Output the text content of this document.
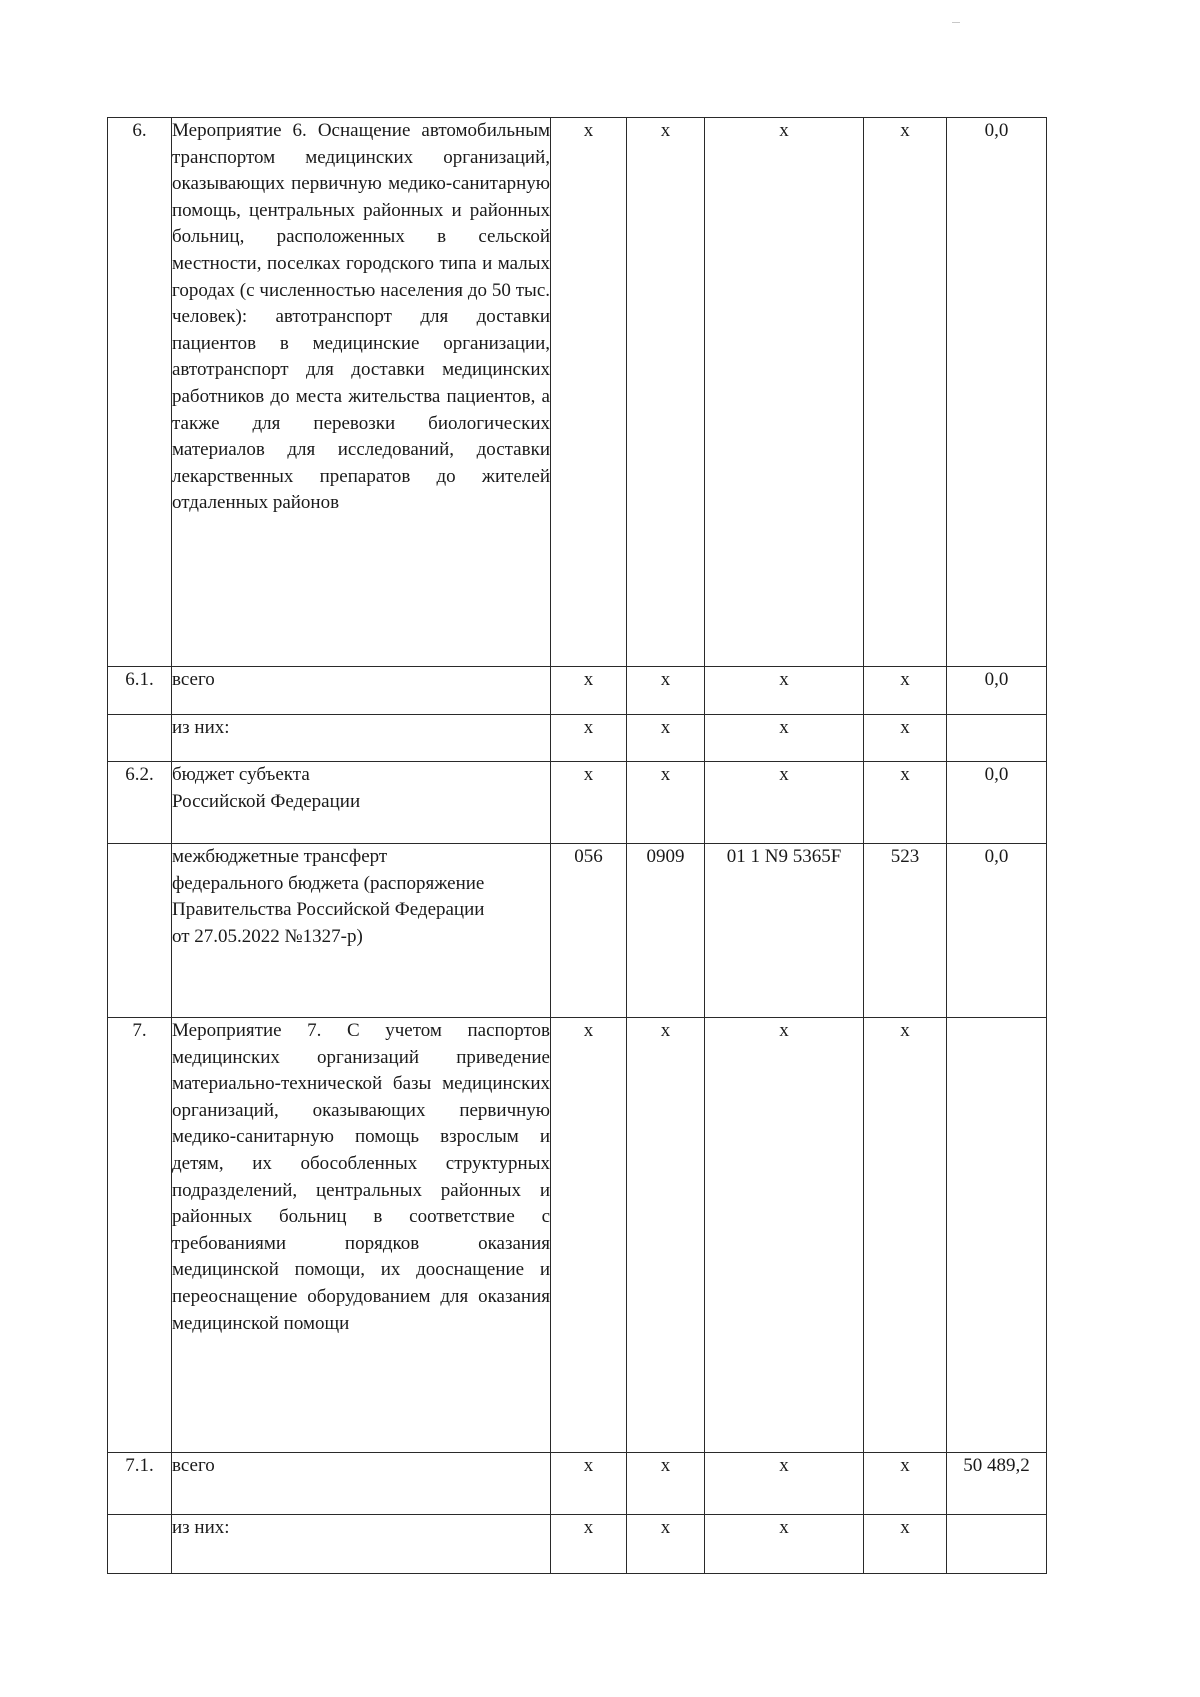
6.	Мероприятие 6. Оснащение автомобильным транспортом медицинских организаций, оказывающих первичную медико-санитарную помощь, центральных районных и районных больниц, расположенных в сельской местности, поселках городского типа и малых городах (с численностью населения до 50 тыс. человек): автотранспорт для доставки пациентов в медицинские организации, автотранспорт для доставки медицинских работников до места жительства пациентов, а также для перевозки биологических материалов для исследований, доставки лекарственных препаратов до жителей отдаленных районов	x	x	x	x	0,0
6.1.	всего	x	x	x	x	0,0
	из них:	x	x	x	x	
6.2.	бюджет субъекта
Российской Федерации	x	x	x	x	0,0
	межбюджетные трансферт
федерального бюджета (распоряжение
Правительства Российской Федерации
от 27.05.2022 №1327-р)	056	0909	01 1 N9 5365F	523	0,0
7.	Мероприятие 7. С учетом паспортов медицинских организаций приведение материально-технической базы медицинских организаций, оказывающих первичную медико-санитарную помощь взрослым и детям, их обособленных структурных подразделений, центральных районных и районных больниц в соответствие с требованиями порядков оказания медицинской помощи, их дооснащение и переоснащение оборудованием для оказания медицинской помощи	x	x	x	x	
7.1.	всего	x	x	x	x	50 489,2
	из них:	x	x	x	x	
